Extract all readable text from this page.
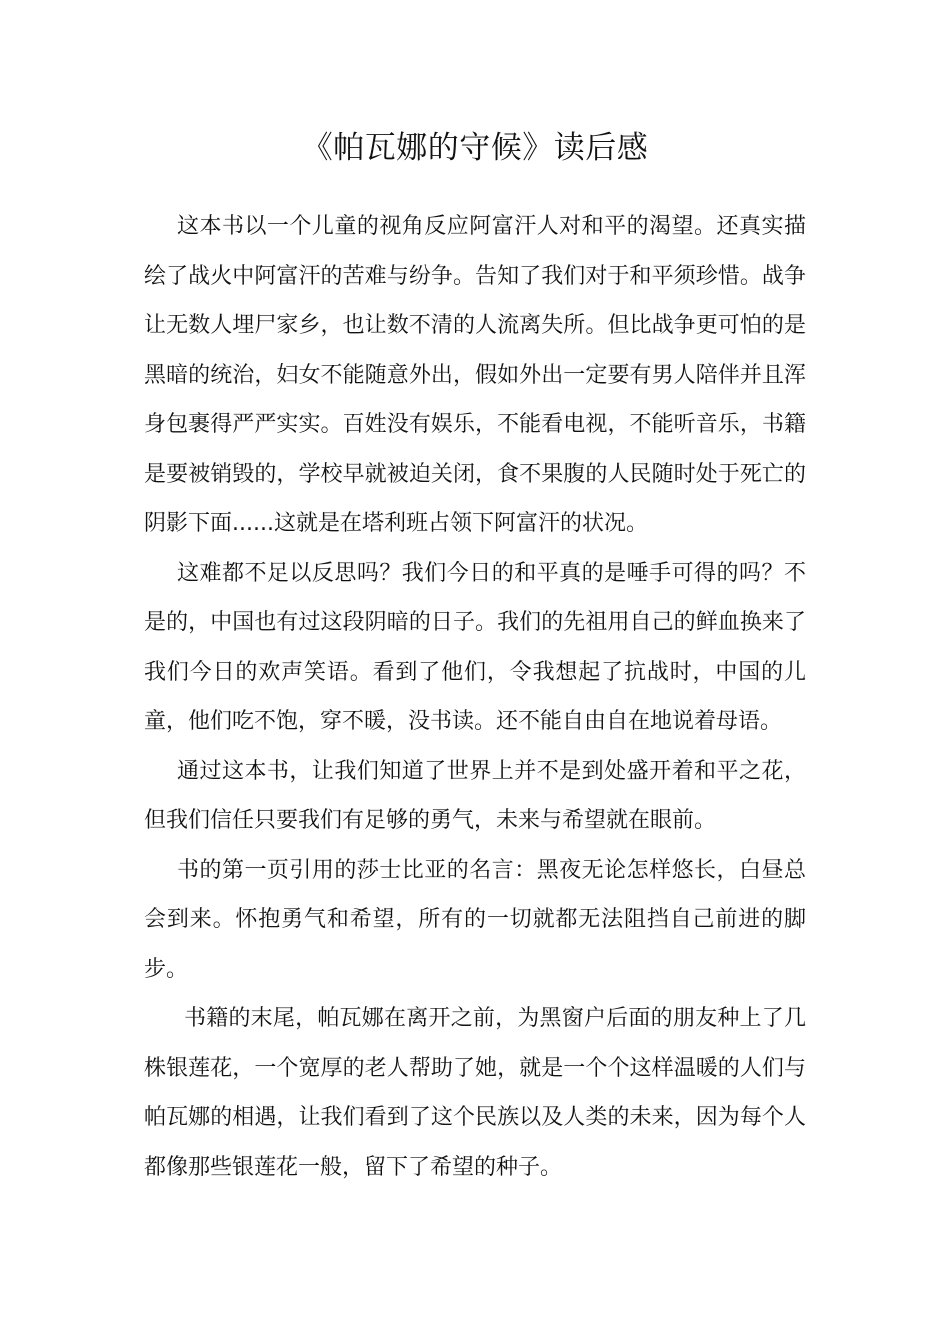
《帕瓦娜的守候》读后感

这本书以一个儿童的视角反应阿富汗人对和平的渴望。还真实描绘了战火中阿富汗的苦难与纷争。告知了我们对于和平须珍惜。战争让无数人埋尸家乡，也让数不清的人流离失所。但比战争更可怕的是黑暗的统治，妇女不能随意外出，假如外出一定要有男人陪伴并且浑身包裹得严严实实。百姓没有娱乐，不能看电视，不能听音乐，书籍是要被销毁的，学校早就被迫关闭，食不果腹的人民随时处于死亡的阴影下面......这就是在塔利班占领下阿富汗的状况。

这难都不足以反思吗？我们今日的和平真的是唾手可得的吗？不是的，中国也有过这段阴暗的日子。我们的先祖用自己的鲜血换来了我们今日的欢声笑语。看到了他们，令我想起了抗战时，中国的儿童，他们吃不饱，穿不暖，没书读。还不能自由自在地说着母语。

通过这本书，让我们知道了世界上并不是到处盛开着和平之花，但我们信任只要我们有足够的勇气，未来与希望就在眼前。

书的第一页引用的莎士比亚的名言：黑夜无论怎样悠长，白昼总会到来。怀抱勇气和希望，所有的一切就都无法阻挡自己前进的脚步。

书籍的末尾，帕瓦娜在离开之前，为黑窗户后面的朋友种上了几株银莲花，一个宽厚的老人帮助了她，就是一个个这样温暖的人们与帕瓦娜的相遇，让我们看到了这个民族以及人类的未来，因为每个人都像那些银莲花一般，留下了希望的种子。
